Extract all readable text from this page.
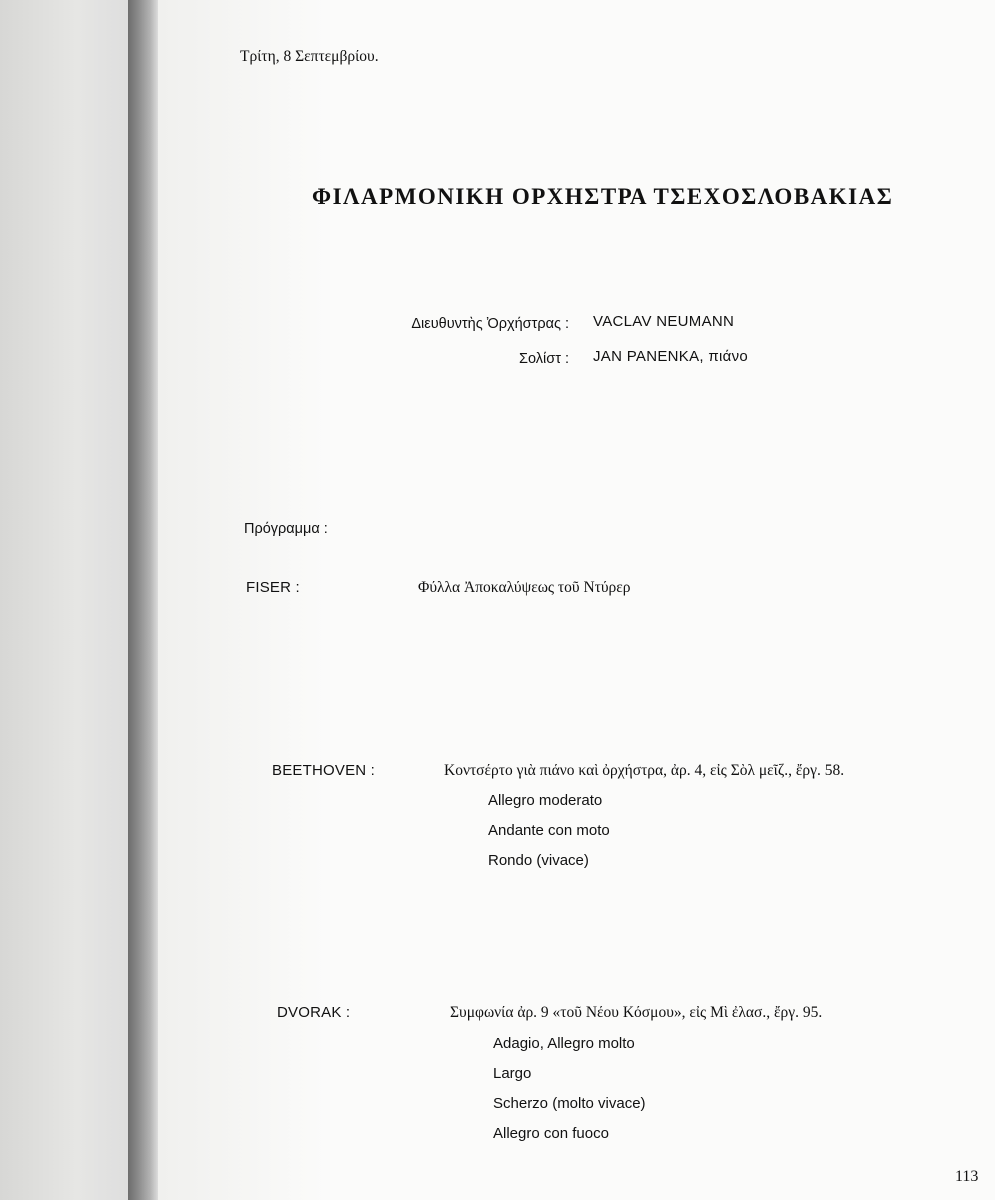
Τρίτη, 8 Σεπτεμβρίου.
ΦΙΛΑΡΜΟΝΙΚΗ ΟΡΧΗΣΤΡΑ ΤΣΕΧΟΣΛΟΒΑΚΙΑΣ
Διευθυντὴς Ὀρχήστρας : VACLAV NEUMANN
Σολίστ : JAN PANENKA, πιάνο
Πρόγραμμα :
FISER :	Φύλλα Ἀποκαλύψεως τοῦ Ντύρερ
BEETHOVEN :	Κοντσέρτο γιὰ πιάνο καὶ ὀρχήστρα, ἀρ. 4, εἰς Σὸλ μεῖζ., ἔργ. 58.
Allegro moderato
Andante con moto
Rondo (vivace)
DVORAK :	Συμφωνία ἀρ. 9 «τοῦ Νέου Κόσμου», εἰς Μὶ ἐλασ., ἔργ. 95.
Adagio, Allegro molto
Largo
Scherzo (molto vivace)
Allegro con fuoco
113
